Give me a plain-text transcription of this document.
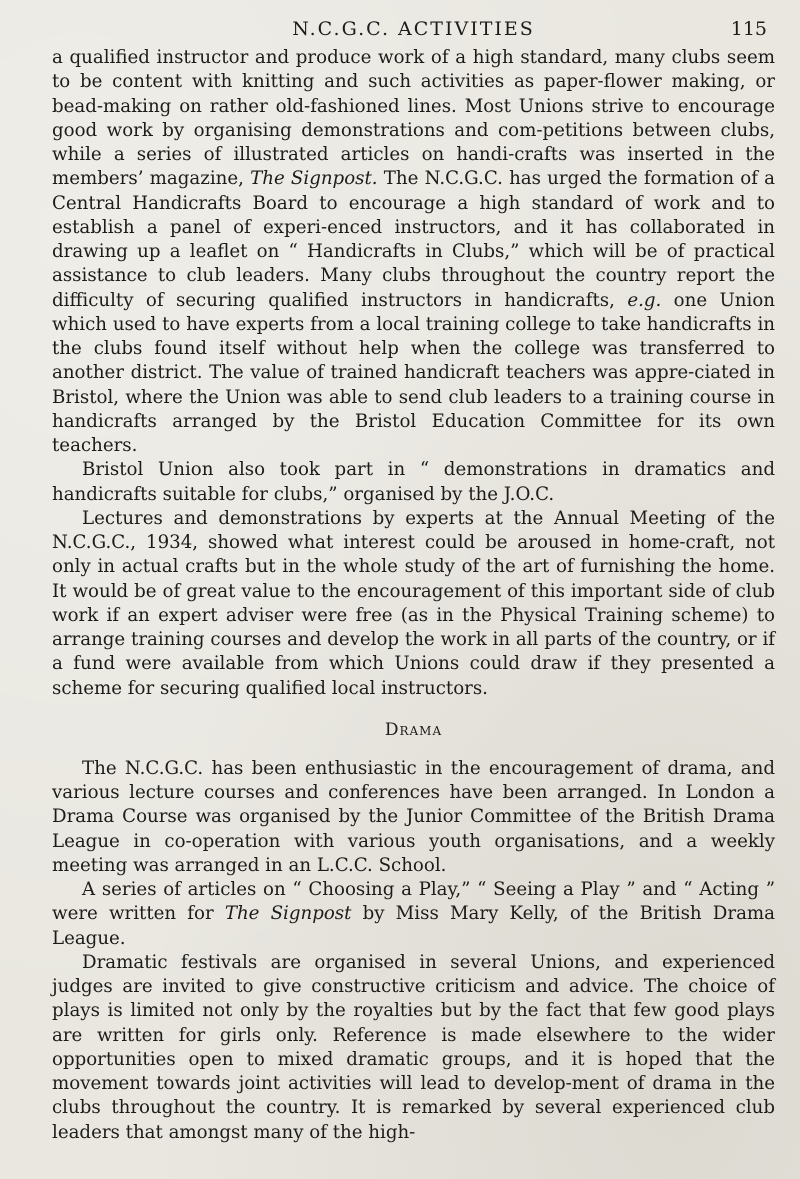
N.C.G.C. ACTIVITIES	115

a qualified instructor and produce work of a high standard, many clubs seem to be content with knitting and such activities as paper-flower making, or bead-making on rather old-fashioned lines. Most Unions strive to encourage good work by organising demonstrations and com-petitions between clubs, while a series of illustrated articles on handi-crafts was inserted in the members’ magazine, The Signpost. The N.C.G.C. has urged the formation of a Central Handicrafts Board to encourage a high standard of work and to establish a panel of experi-enced instructors, and it has collaborated in drawing up a leaflet on “ Handicrafts in Clubs,” which will be of practical assistance to club leaders. Many clubs throughout the country report the difficulty of securing qualified instructors in handicrafts, e.g. one Union which used to have experts from a local training college to take handicrafts in the clubs found itself without help when the college was transferred to another district. The value of trained handicraft teachers was appre-ciated in Bristol, where the Union was able to send club leaders to a training course in handicrafts arranged by the Bristol Education Committee for its own teachers.

Bristol Union also took part in “ demonstrations in dramatics and handicrafts suitable for clubs,” organised by the J.O.C.

Lectures and demonstrations by experts at the Annual Meeting of the N.C.G.C., 1934, showed what interest could be aroused in home-craft, not only in actual crafts but in the whole study of the art of furnishing the home. It would be of great value to the encouragement of this important side of club work if an expert adviser were free (as in the Physical Training scheme) to arrange training courses and develop the work in all parts of the country, or if a fund were available from which Unions could draw if they presented a scheme for securing qualified local instructors.

Drama

The N.C.G.C. has been enthusiastic in the encouragement of drama, and various lecture courses and conferences have been arranged. In London a Drama Course was organised by the Junior Committee of the British Drama League in co-operation with various youth organisations, and a weekly meeting was arranged in an L.C.C. School.

A series of articles on “ Choosing a Play,” “ Seeing a Play ” and “ Acting ” were written for The Signpost by Miss Mary Kelly, of the British Drama League.

Dramatic festivals are organised in several Unions, and experienced judges are invited to give constructive criticism and advice. The choice of plays is limited not only by the royalties but by the fact that few good plays are written for girls only. Reference is made elsewhere to the wider opportunities open to mixed dramatic groups, and it is hoped that the movement towards joint activities will lead to develop-ment of drama in the clubs throughout the country. It is remarked by several experienced club leaders that amongst many of the high-
